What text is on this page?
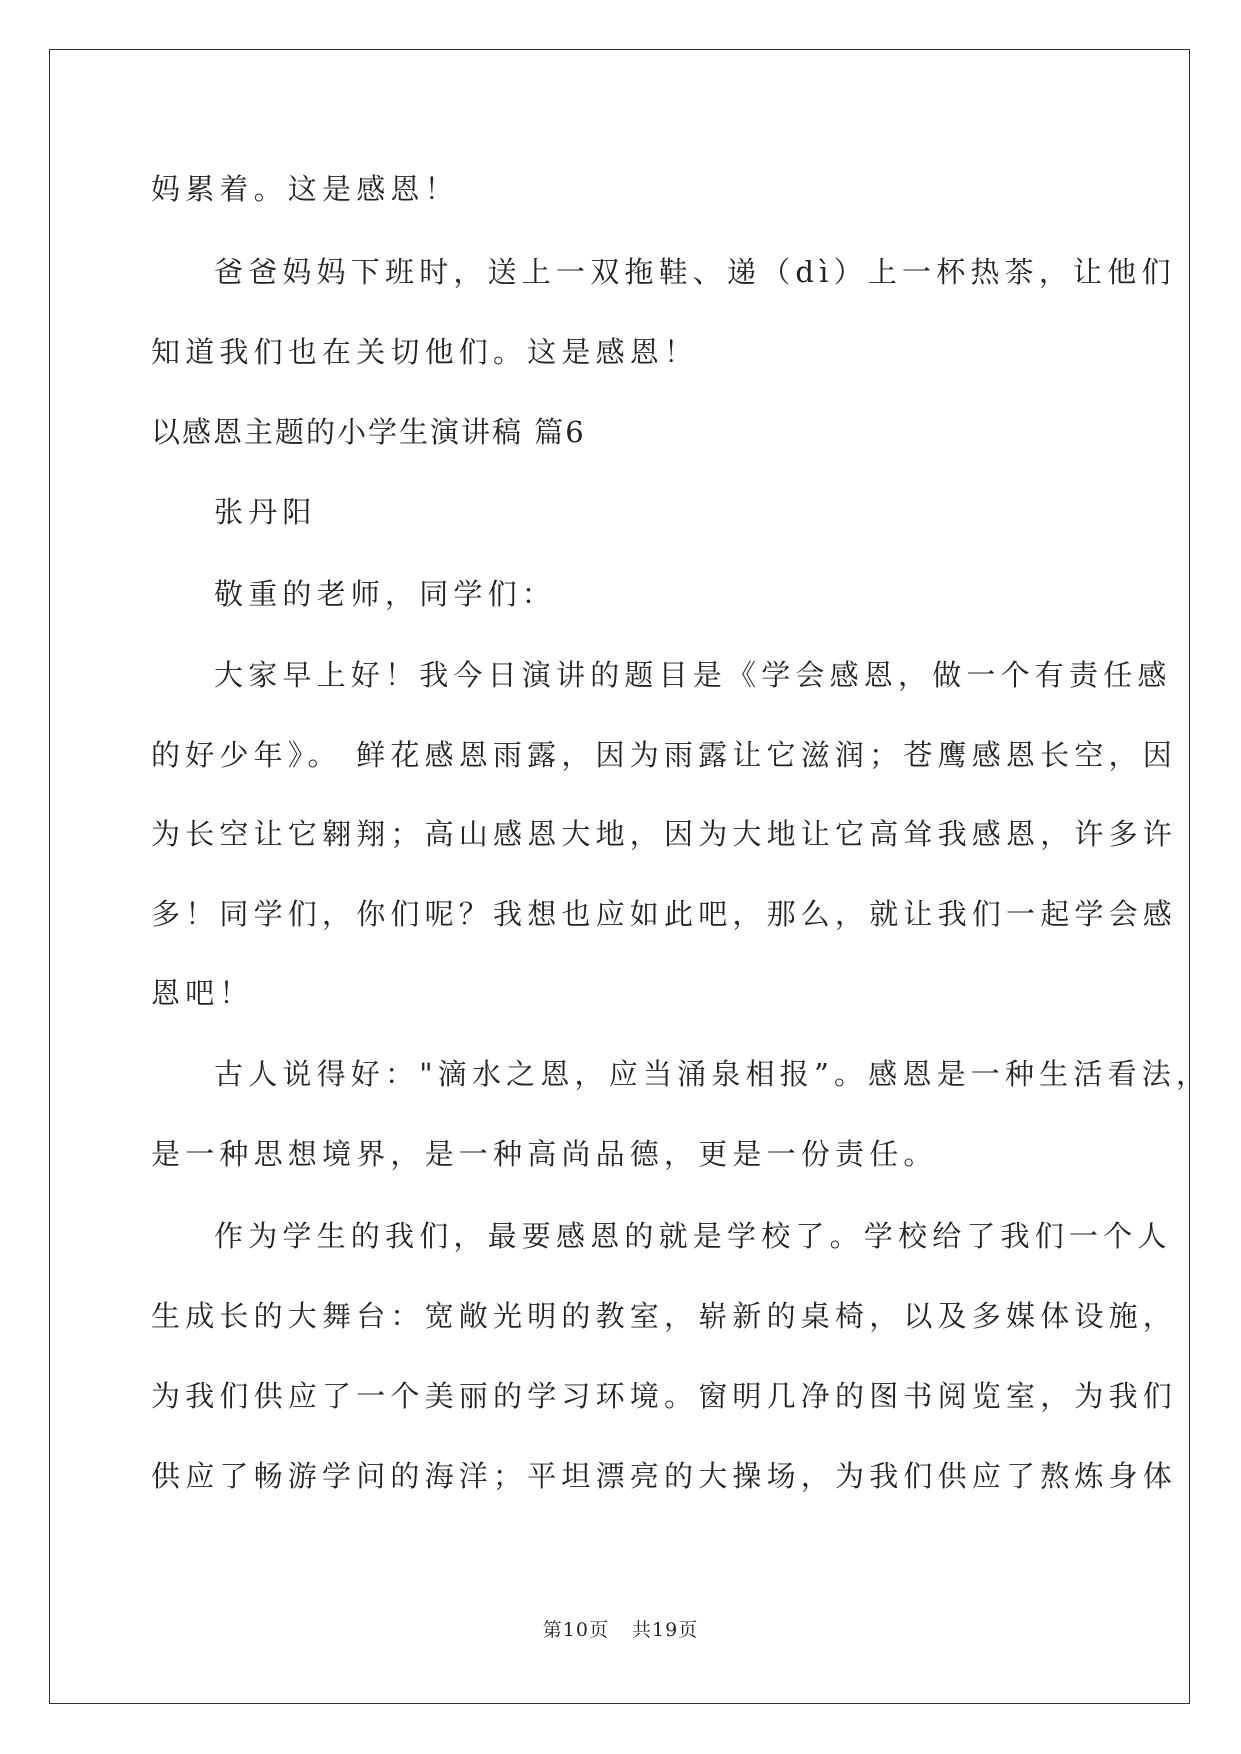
妈累着。这是感恩！
爸爸妈妈下班时，送上一双拖鞋、递（dì）上一杯热茶，让他们
知道我们也在关切他们。这是感恩！
以感恩主题的小学生演讲稿 篇6
张丹阳
敬重的老师，同学们：
大家早上好！我今日演讲的题目是《学会感恩，做一个有责任感
的好少年》。 鲜花感恩雨露，因为雨露让它滋润；苍鹰感恩长空，因
为长空让它翱翔；高山感恩大地，因为大地让它高耸我感恩，许多许
多！同学们，你们呢？我想也应如此吧，那么，就让我们一起学会感
恩吧！
古人说得好："滴水之恩，应当涌泉相报”。感恩是一种生活看法，
是一种思想境界，是一种高尚品德，更是一份责任。
作为学生的我们，最要感恩的就是学校了。学校给了我们一个人
生成长的大舞台：宽敞光明的教室，崭新的桌椅，以及多媒体设施，
为我们供应了一个美丽的学习环境。窗明几净的图书阅览室，为我们
供应了畅游学问的海洋；平坦漂亮的大操场，为我们供应了熬炼身体
第10页 共19页
